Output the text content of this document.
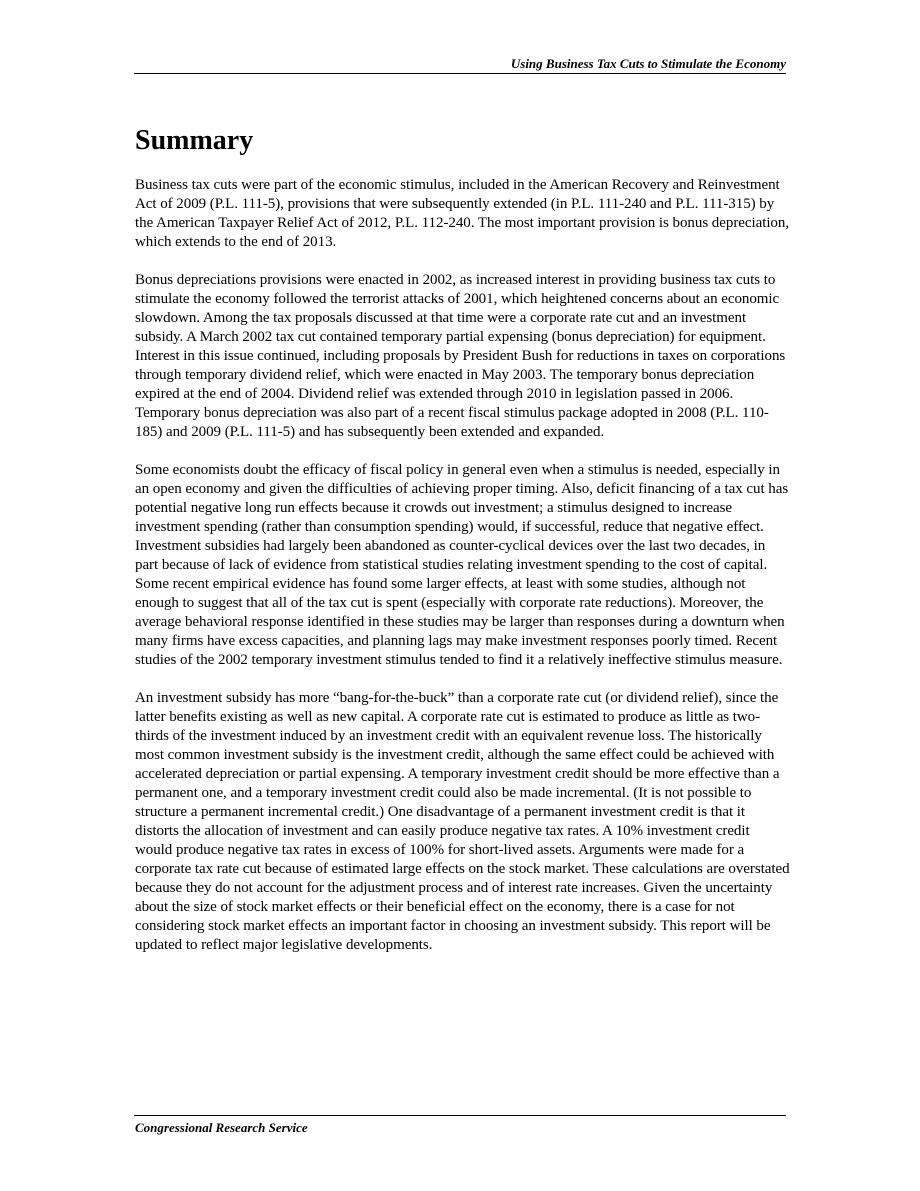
Using Business Tax Cuts to Stimulate the Economy
Summary

Business tax cuts were part of the economic stimulus, included in the American Recovery and Reinvestment Act of 2009 (P.L. 111-5), provisions that were subsequently extended (in P.L. 111-240 and P.L. 111-315) by the American Taxpayer Relief Act of 2012, P.L. 112-240. The most important provision is bonus depreciation, which extends to the end of 2013.

Bonus depreciations provisions were enacted in 2002, as increased interest in providing business tax cuts to stimulate the economy followed the terrorist attacks of 2001, which heightened concerns about an economic slowdown. Among the tax proposals discussed at that time were a corporate rate cut and an investment subsidy. A March 2002 tax cut contained temporary partial expensing (bonus depreciation) for equipment. Interest in this issue continued, including proposals by President Bush for reductions in taxes on corporations through temporary dividend relief, which were enacted in May 2003. The temporary bonus depreciation expired at the end of 2004. Dividend relief was extended through 2010 in legislation passed in 2006. Temporary bonus depreciation was also part of a recent fiscal stimulus package adopted in 2008 (P.L. 110-185) and 2009 (P.L. 111-5) and has subsequently been extended and expanded.

Some economists doubt the efficacy of fiscal policy in general even when a stimulus is needed, especially in an open economy and given the difficulties of achieving proper timing. Also, deficit financing of a tax cut has potential negative long run effects because it crowds out investment; a stimulus designed to increase investment spending (rather than consumption spending) would, if successful, reduce that negative effect. Investment subsidies had largely been abandoned as counter-cyclical devices over the last two decades, in part because of lack of evidence from statistical studies relating investment spending to the cost of capital. Some recent empirical evidence has found some larger effects, at least with some studies, although not enough to suggest that all of the tax cut is spent (especially with corporate rate reductions). Moreover, the average behavioral response identified in these studies may be larger than responses during a downturn when many firms have excess capacities, and planning lags may make investment responses poorly timed. Recent studies of the 2002 temporary investment stimulus tended to find it a relatively ineffective stimulus measure.

An investment subsidy has more “bang-for-the-buck” than a corporate rate cut (or dividend relief), since the latter benefits existing as well as new capital. A corporate rate cut is estimated to produce as little as two-thirds of the investment induced by an investment credit with an equivalent revenue loss. The historically most common investment subsidy is the investment credit, although the same effect could be achieved with accelerated depreciation or partial expensing. A temporary investment credit should be more effective than a permanent one, and a temporary investment credit could also be made incremental. (It is not possible to structure a permanent incremental credit.) One disadvantage of a permanent investment credit is that it distorts the allocation of investment and can easily produce negative tax rates. A 10% investment credit would produce negative tax rates in excess of 100% for short-lived assets. Arguments were made for a corporate tax rate cut because of estimated large effects on the stock market. These calculations are overstated because they do not account for the adjustment process and of interest rate increases. Given the uncertainty about the size of stock market effects or their beneficial effect on the economy, there is a case for not considering stock market effects an important factor in choosing an investment subsidy. This report will be updated to reflect major legislative developments.

Congressional Research Service
